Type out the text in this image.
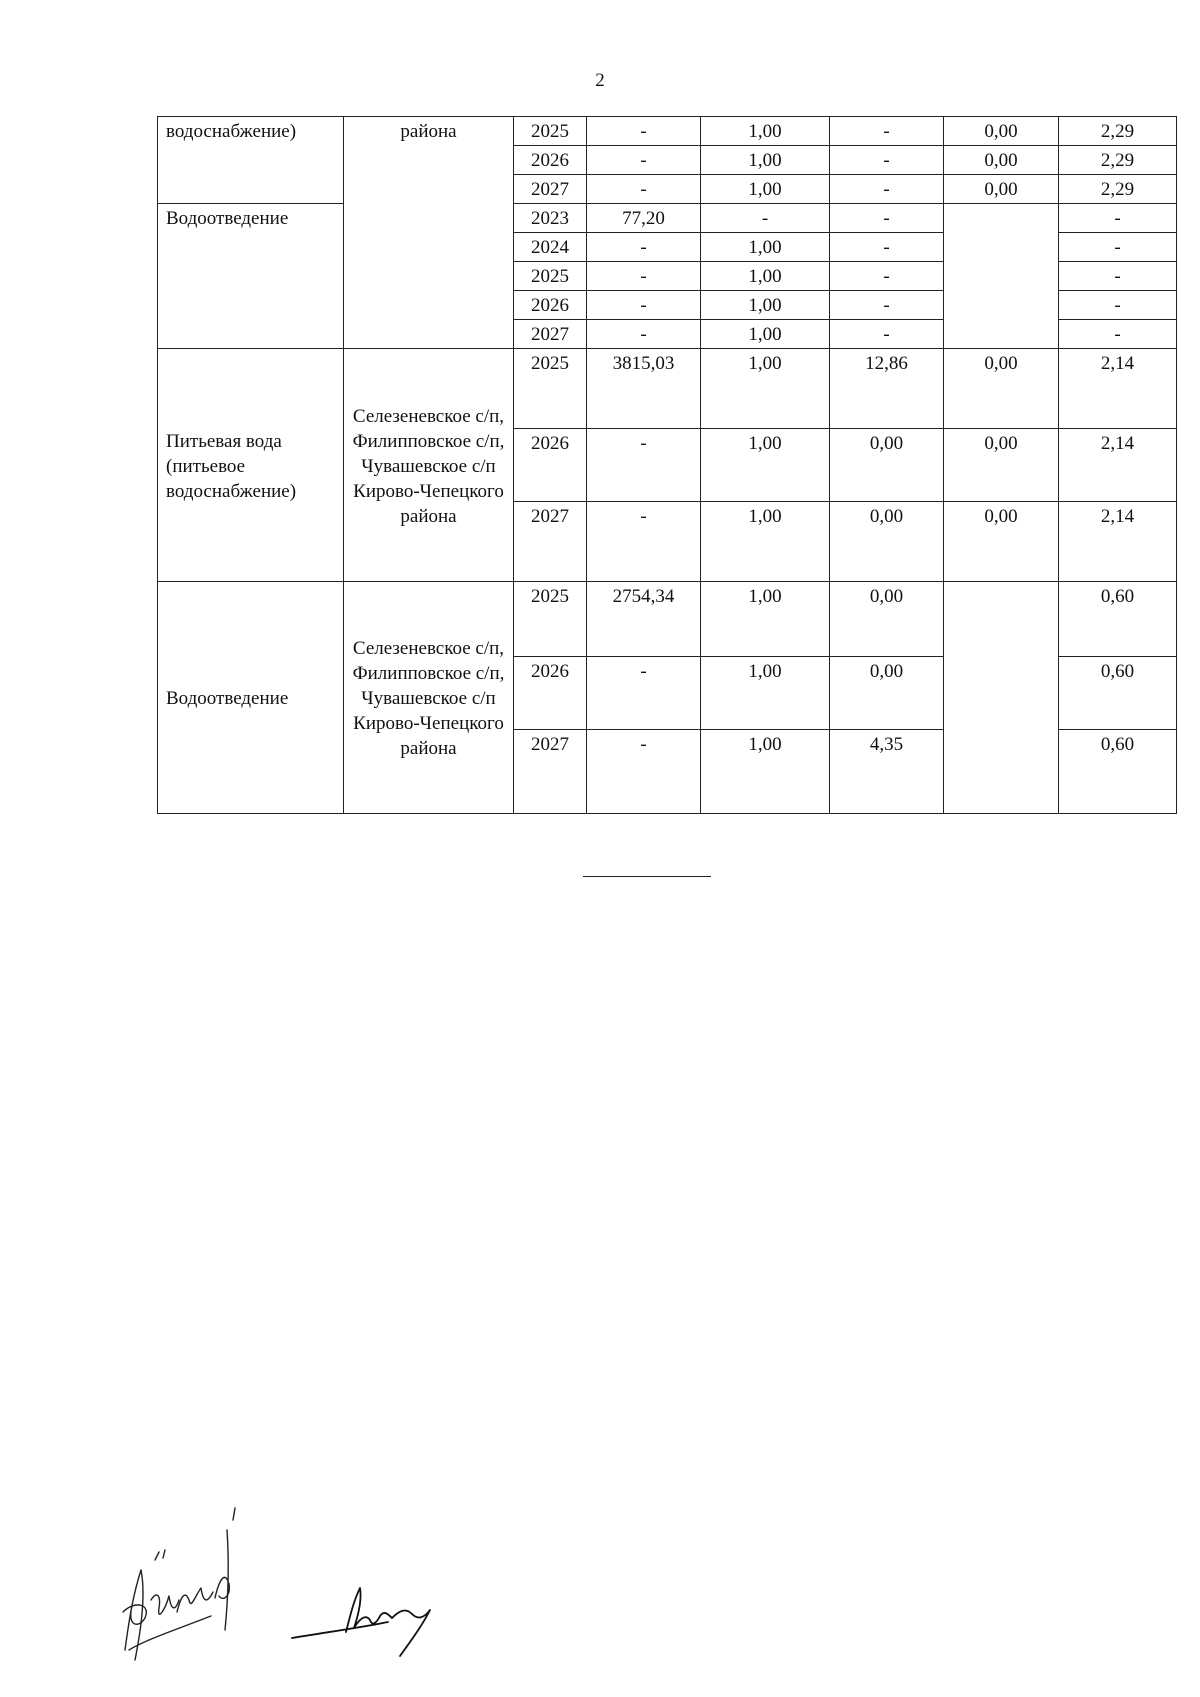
2
водоснабжение)	района	2025	-	1,00	-	0,00	2,29
		2026	-	1,00	-	0,00	2,29
		2027	-	1,00	-	0,00	2,29
Водоотведение		2023	77,20	-	-		-
		2024	-	1,00	-		-
		2025	-	1,00	-		-
		2026	-	1,00	-		-
		2027	-	1,00	-		-
Питьевая вода (питьевое водоснабжение)	Селезеневское с/п, Филипповское с/п, Чувашевское с/п Кирово-Чепецкого района	2025	3815,03	1,00	12,86	0,00	2,14
		2026	-	1,00	0,00	0,00	2,14
		2027	-	1,00	0,00	0,00	2,14
Водоотведение	Селезеневское с/п, Филипповское с/п, Чувашевское с/п Кирово-Чепецкого района	2025	2754,34	1,00	0,00		0,60
		2026	-	1,00	0,00		0,60
		2027	-	1,00	4,35		0,60
